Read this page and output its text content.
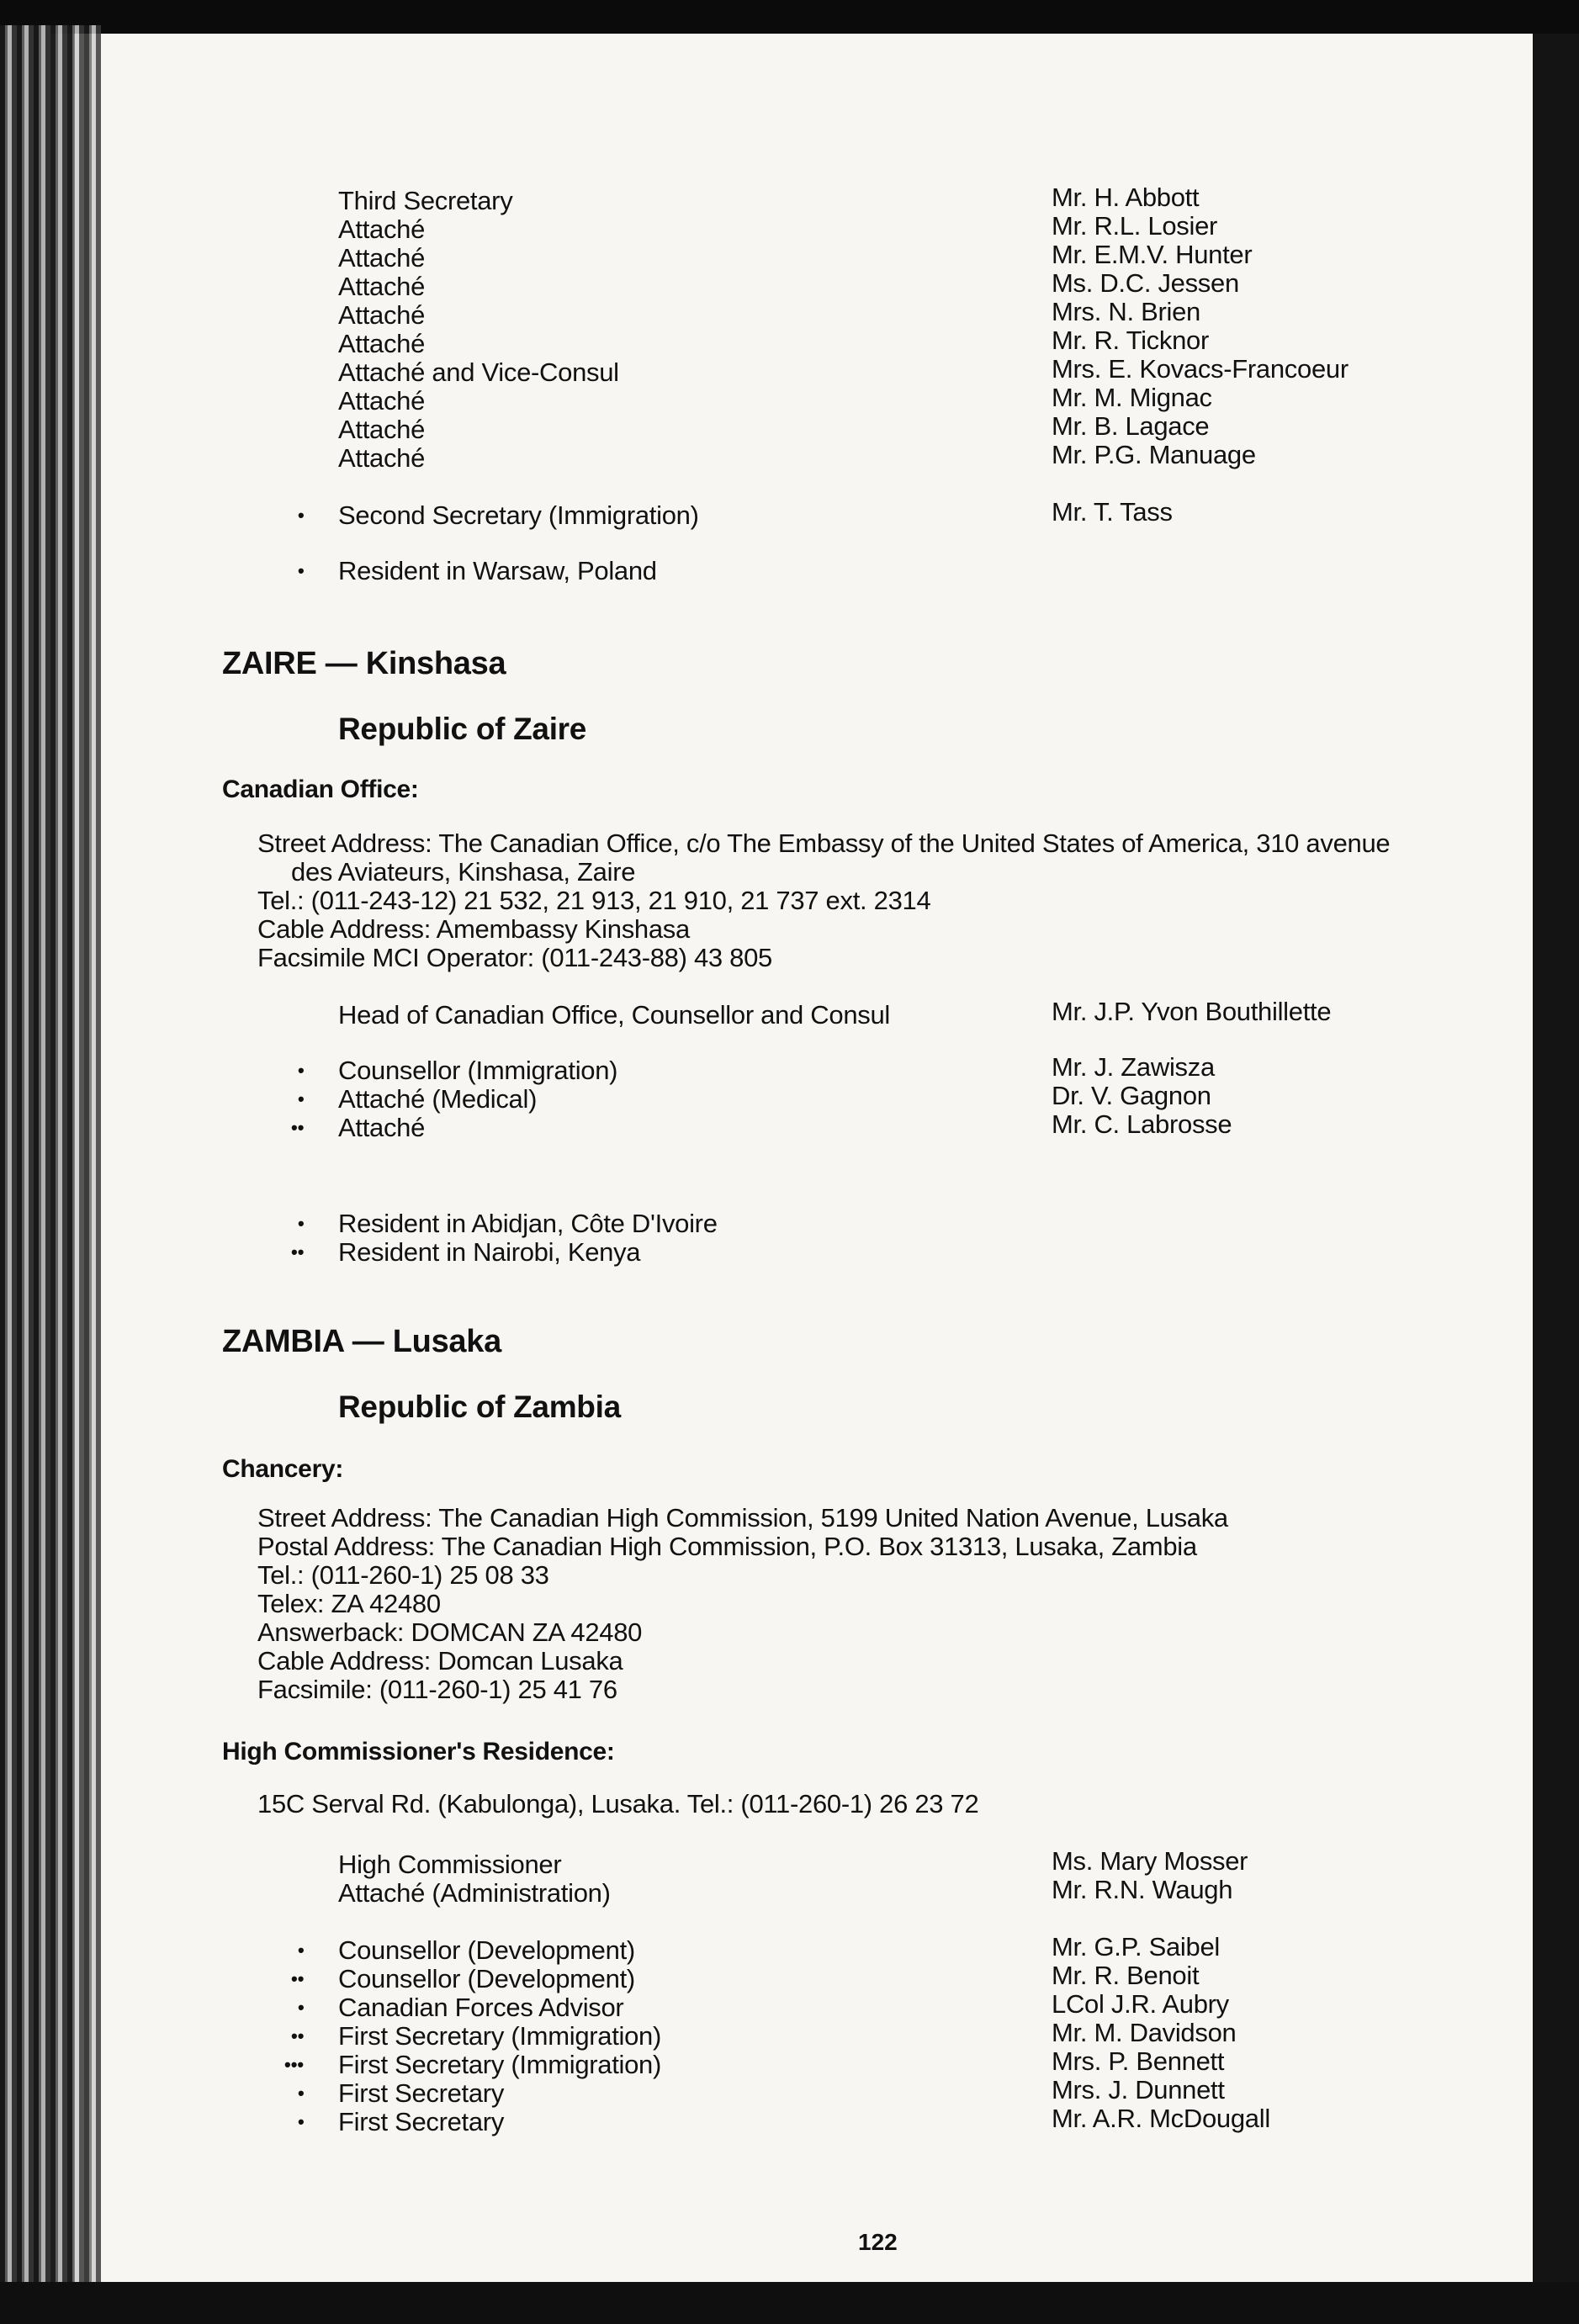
Third Secretary	Mr. H. Abbott
Attaché	Mr. R.L. Losier
Attaché	Mr. E.M.V. Hunter
Attaché	Ms. D.C. Jessen
Attaché	Mrs. N. Brien
Attaché	Mr. R. Ticknor
Attaché and Vice-Consul	Mrs. E. Kovacs-Francoeur
Attaché	Mr. M. Mignac
Attaché	Mr. B. Lagace
Attaché	Mr. P.G. Manuage
• Second Secretary (Immigration)	Mr. T. Tass
• Resident in Warsaw, Poland
ZAIRE — Kinshasa
Republic of Zaire
Canadian Office:
Street Address: The Canadian Office, c/o The Embassy of the United States of America, 310 avenue
des Aviateurs, Kinshasa, Zaire
Tel.: (011-243-12) 21 532, 21 913, 21 910, 21 737 ext. 2314
Cable Address: Amembassy Kinshasa
Facsimile MCI Operator: (011-243-88) 43 805
Head of Canadian Office, Counsellor and Consul	Mr. J.P. Yvon Bouthillette
• Counsellor (Immigration)	Mr. J. Zawisza
• Attaché (Medical)	Dr. V. Gagnon
•• Attaché	Mr. C. Labrosse
• Resident in Abidjan, Côte D'Ivoire
•• Resident in Nairobi, Kenya
ZAMBIA — Lusaka
Republic of Zambia
Chancery:
Street Address: The Canadian High Commission, 5199 United Nation Avenue, Lusaka
Postal Address: The Canadian High Commission, P.O. Box 31313, Lusaka, Zambia
Tel.: (011-260-1) 25 08 33
Telex: ZA 42480
Answerback: DOMCAN ZA 42480
Cable Address: Domcan Lusaka
Facsimile: (011-260-1) 25 41 76
High Commissioner's Residence:
15C Serval Rd. (Kabulonga), Lusaka. Tel.: (011-260-1) 26 23 72
High Commissioner	Ms. Mary Mosser
Attaché (Administration)	Mr. R.N. Waugh
• Counsellor (Development)	Mr. G.P. Saibel
•• Counsellor (Development)	Mr. R. Benoit
• Canadian Forces Advisor	LCol J.R. Aubry
•• First Secretary (Immigration)	Mr. M. Davidson
••• First Secretary (Immigration)	Mrs. P. Bennett
• First Secretary	Mrs. J. Dunnett
• First Secretary	Mr. A.R. McDougall
122
